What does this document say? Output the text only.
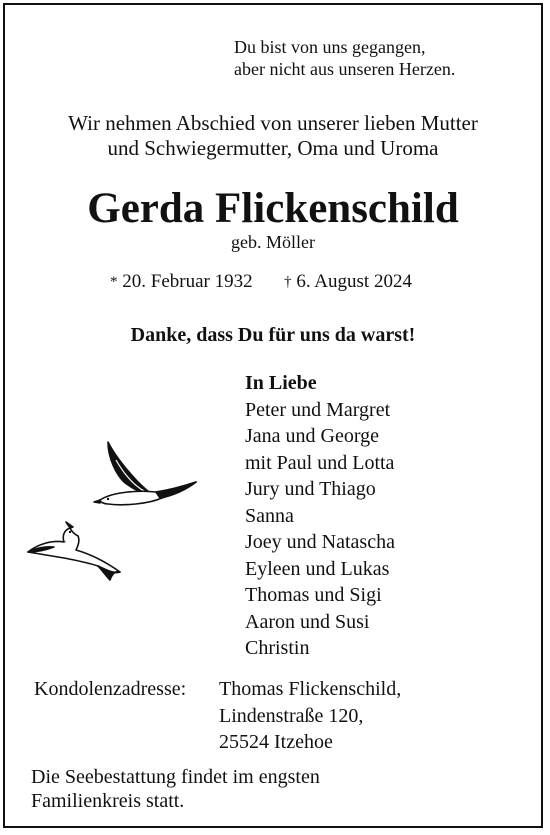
Du bist von uns gegangen,
aber nicht aus unseren Herzen.
Wir nehmen Abschied von unserer lieben Mutter
und Schwiegermutter, Oma und Uroma
Gerda Flickenschild
geb. Möller
* 20. Februar 1932 † 6. August 2024
Danke, dass Du für uns da warst!
In Liebe
Peter und Margret
Jana und George
mit Paul und Lotta
Jury und Thiago
Sanna
Joey und Natascha
Eyleen und Lukas
Thomas und Sigi
Aaron und Susi
Christin
Kondolenzadresse: Thomas Flickenschild,
Lindenstraße 120,
25524 Itzehoe
Die Seebestattung findet im engsten
Familienkreis statt.
